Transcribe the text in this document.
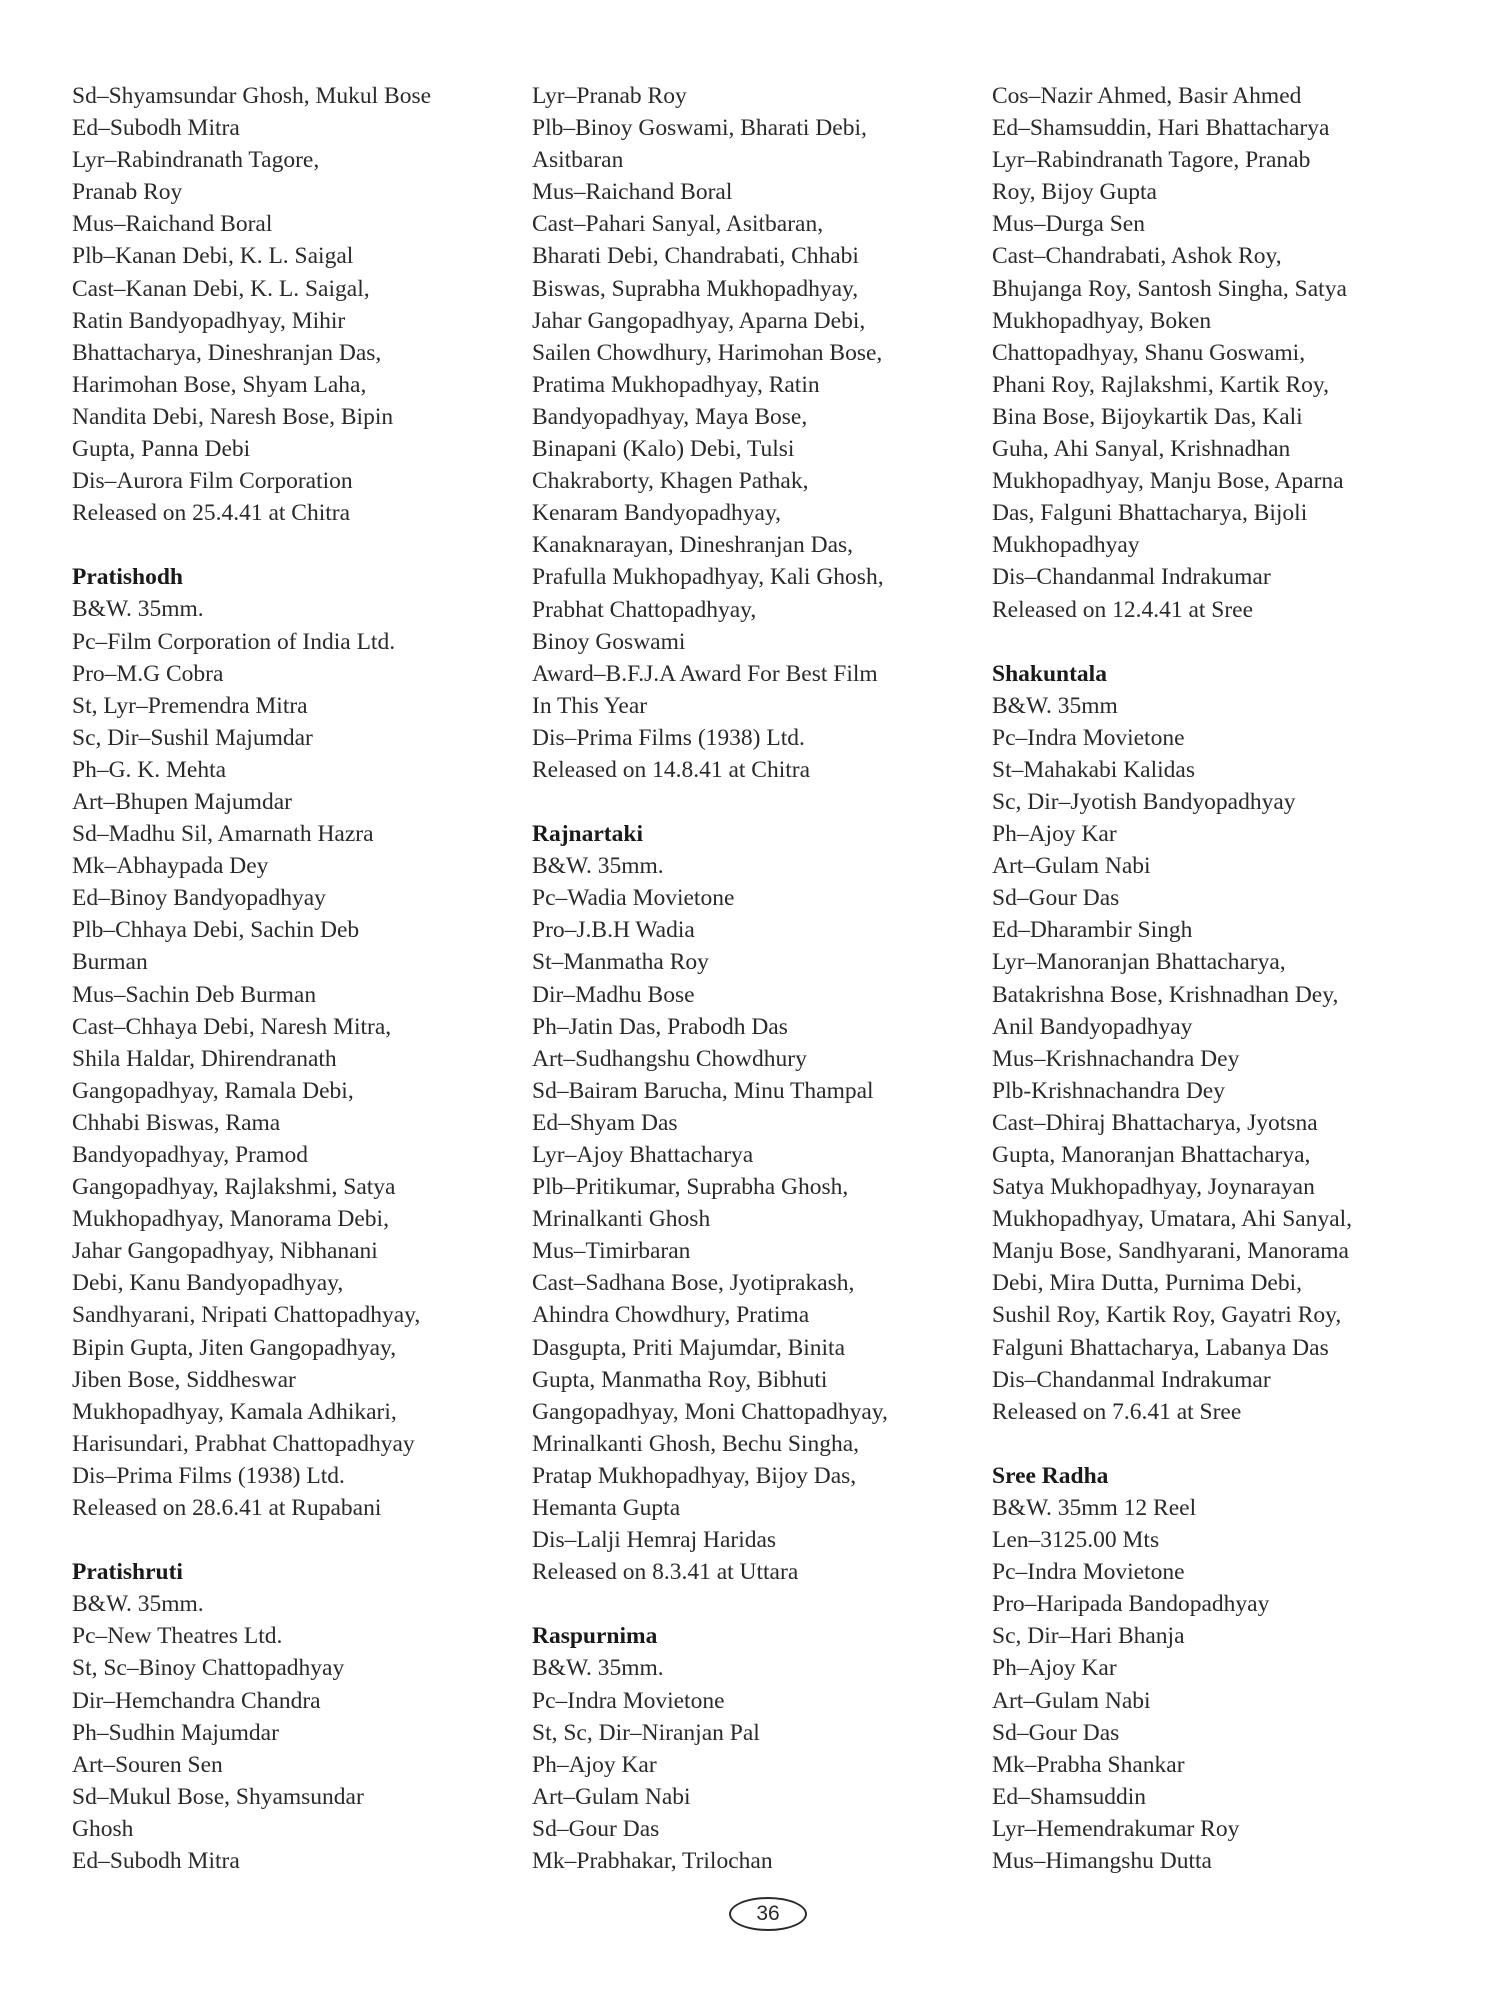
Sd–Shyamsundar Ghosh, Mukul Bose
Ed–Subodh Mitra
Lyr–Rabindranath Tagore,
Pranab Roy
Mus–Raichand Boral
Plb–Kanan Debi, K. L. Saigal
Cast–Kanan Debi, K. L. Saigal,
Ratin Bandyopadhyay, Mihir
Bhattacharya, Dineshranjan Das,
Harimohan Bose, Shyam Laha,
Nandita Debi, Naresh Bose, Bipin
Gupta, Panna Debi
Dis–Aurora Film Corporation
Released on 25.4.41 at Chitra
Pratishodh
B&W. 35mm.
Pc–Film Corporation of India Ltd.
Pro–M.G Cobra
St, Lyr–Premendra Mitra
Sc, Dir–Sushil Majumdar
Ph–G. K. Mehta
Art–Bhupen Majumdar
Sd–Madhu Sil, Amarnath Hazra
Mk–Abhaypada Dey
Ed–Binoy Bandyopadhyay
Plb–Chhaya Debi, Sachin Deb
Burman
Mus–Sachin Deb Burman
Cast–Chhaya Debi, Naresh Mitra,
Shila Haldar, Dhirendranath
Gangopadhyay, Ramala Debi,
Chhabi Biswas, Rama
Bandyopadhyay, Pramod
Gangopadhyay, Rajlakshmi, Satya
Mukhopadhyay, Manorama Debi,
Jahar Gangopadhyay, Nibhanani
Debi, Kanu Bandyopadhyay,
Sandhyarani, Nripati Chattopadhyay,
Bipin Gupta, Jiten Gangopadhyay,
Jiben Bose, Siddheswar
Mukhopadhyay, Kamala Adhikari,
Harisundari, Prabhat Chattopadhyay
Dis–Prima Films (1938) Ltd.
Released on 28.6.41 at Rupabani
Pratishruti
B&W. 35mm.
Pc–New Theatres Ltd.
St, Sc–Binoy Chattopadhyay
Dir–Hemchandra Chandra
Ph–Sudhin Majumdar
Art–Souren Sen
Sd–Mukul Bose, Shyamsundar
Ghosh
Ed–Subodh Mitra
Lyr–Pranab Roy
Plb–Binoy Goswami, Bharati Debi,
Asitbaran
Mus–Raichand Boral
Cast–Pahari Sanyal, Asitbaran,
Bharati Debi, Chandrabati, Chhabi
Biswas, Suprabha Mukhopadhyay,
Jahar Gangopadhyay, Aparna Debi,
Sailen Chowdhury, Harimohan Bose,
Pratima Mukhopadhyay, Ratin
Bandyopadhyay, Maya Bose,
Binapani (Kalo) Debi, Tulsi
Chakraborty, Khagen Pathak,
Kenaram Bandyopadhyay,
Kanaknarayan, Dineshranjan Das,
Prafulla Mukhopadhyay, Kali Ghosh,
Prabhat Chattopadhyay,
Binoy Goswami
Award–B.F.J.A Award For Best Film
In This Year
Dis–Prima Films (1938) Ltd.
Released on 14.8.41 at Chitra
Rajnartaki
B&W. 35mm.
Pc–Wadia Movietone
Pro–J.B.H Wadia
St–Manmatha Roy
Dir–Madhu Bose
Ph–Jatin Das, Prabodh Das
Art–Sudhangshu Chowdhury
Sd–Bairam Barucha, Minu Thampal
Ed–Shyam Das
Lyr–Ajoy Bhattacharya
Plb–Pritikumar, Suprabha Ghosh,
Mrinalkanti Ghosh
Mus–Timirbaran
Cast–Sadhana Bose, Jyotiprakash,
Ahindra Chowdhury, Pratima
Dasgupta, Priti Majumdar, Binita
Gupta, Manmatha Roy, Bibhuti
Gangopadhyay, Moni Chattopadhyay,
Mrinalkanti Ghosh, Bechu Singha,
Pratap Mukhopadhyay, Bijoy Das,
Hemanta Gupta
Dis–Lalji Hemraj Haridas
Released on 8.3.41 at Uttara
Raspurnima
B&W. 35mm.
Pc–Indra Movietone
St, Sc, Dir–Niranjan Pal
Ph–Ajoy Kar
Art–Gulam Nabi
Sd–Gour Das
Mk–Prabhakar, Trilochan
Cos–Nazir Ahmed, Basir Ahmed
Ed–Shamsuddin, Hari Bhattacharya
Lyr–Rabindranath Tagore, Pranab
Roy, Bijoy Gupta
Mus–Durga Sen
Cast–Chandrabati, Ashok Roy,
Bhujanga Roy, Santosh Singha, Satya
Mukhopadhyay, Boken
Chattopadhyay, Shanu Goswami,
Phani Roy, Rajlakshmi, Kartik Roy,
Bina Bose, Bijoykartik Das, Kali
Guha, Ahi Sanyal, Krishnadhan
Mukhopadhyay, Manju Bose, Aparna
Das, Falguni Bhattacharya, Bijoli
Mukhopadhyay
Dis–Chandanmal Indrakumar
Released on 12.4.41 at Sree
Shakuntala
B&W. 35mm
Pc–Indra Movietone
St–Mahakabi Kalidas
Sc, Dir–Jyotish Bandyopadhyay
Ph–Ajoy Kar
Art–Gulam Nabi
Sd–Gour Das
Ed–Dharambir Singh
Lyr–Manoranjan Bhattacharya,
Batakrishna Bose, Krishnadhan Dey,
Anil Bandyopadhyay
Mus–Krishnachandra Dey
Plb-Krishnachandra Dey
Cast–Dhiraj Bhattacharya, Jyotsna
Gupta, Manoranjan Bhattacharya,
Satya Mukhopadhyay, Joynarayan
Mukhopadhyay, Umatara, Ahi Sanyal,
Manju Bose, Sandhyarani, Manorama
Debi, Mira Dutta, Purnima Debi,
Sushil Roy, Kartik Roy, Gayatri Roy,
Falguni Bhattacharya, Labanya Das
Dis–Chandanmal Indrakumar
Released on 7.6.41 at Sree
Sree Radha
B&W. 35mm 12 Reel
Len–3125.00 Mts
Pc–Indra Movietone
Pro–Haripada Bandopadhyay
Sc, Dir–Hari Bhanja
Ph–Ajoy Kar
Art–Gulam Nabi
Sd–Gour Das
Mk–Prabha Shankar
Ed–Shamsuddin
Lyr–Hemendrakumar Roy
Mus–Himangshu Dutta
36
